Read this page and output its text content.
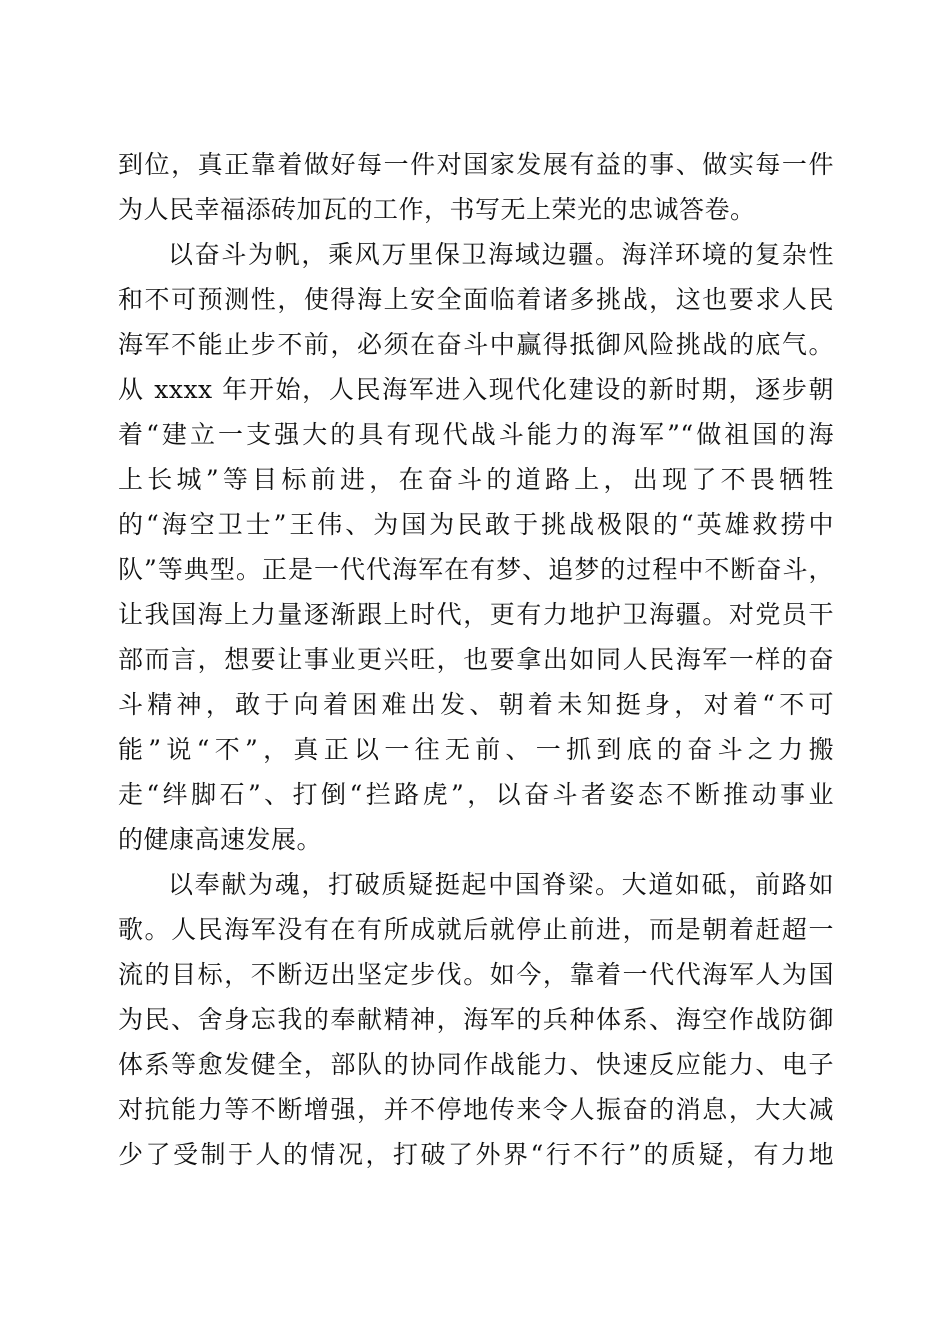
到位，真正靠着做好每一件对国家发展有益的事、做实每一件
为人民幸福添砖加瓦的工作，书写无上荣光的忠诚答卷。
以奋斗为帆，乘风万里保卫海域边疆。海洋环境的复杂性
和不可预测性，使得海上安全面临着诸多挑战，这也要求人民
海军不能止步不前，必须在奋斗中赢得抵御风险挑战的底气。
从 xxxx 年开始，人民海军进入现代化建设的新时期，逐步朝
着“建立一支强大的具有现代战斗能力的海军”“做祖国的海
上长城”等目标前进，在奋斗的道路上，出现了不畏牺牲
的“海空卫士”王伟、为国为民敢于挑战极限的“英雄救捞中
队”等典型。正是一代代海军在有梦、追梦的过程中不断奋斗，
让我国海上力量逐渐跟上时代，更有力地护卫海疆。对党员干
部而言，想要让事业更兴旺，也要拿出如同人民海军一样的奋
斗精神，敢于向着困难出发、朝着未知挺身，对着“不可
能”说“不”，真正以一往无前、一抓到底的奋斗之力搬
走“绊脚石”、打倒“拦路虎”，以奋斗者姿态不断推动事业
的健康高速发展。
以奉献为魂，打破质疑挺起中国脊梁。大道如砥，前路如
歌。人民海军没有在有所成就后就停止前进，而是朝着赶超一
流的目标，不断迈出坚定步伐。如今，靠着一代代海军人为国
为民、舍身忘我的奉献精神，海军的兵种体系、海空作战防御
体系等愈发健全，部队的协同作战能力、快速反应能力、电子
对抗能力等不断增强，并不停地传来令人振奋的消息，大大减
少了受制于人的情况，打破了外界“行不行”的质疑，有力地
